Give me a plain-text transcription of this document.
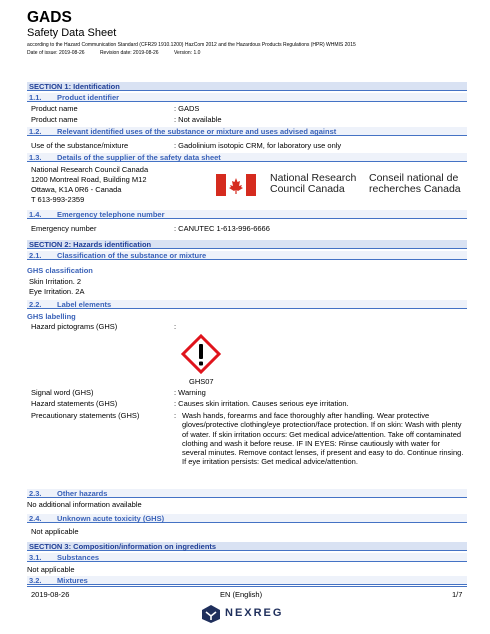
GADS
Safety Data Sheet
according to the Hazard Communication Standard (CFR29 1910.1200) HazCom 2012 and the Hazardous Products Regulations (HPR) WHMIS 2015
Date of issue: 2019-08-26	Revision date: 2019-08-26	Version: 1.0
SECTION 1: Identification
1.1. Product identifier
Product name	: GADS
Product name	: Not available
1.2. Relevant identified uses of the substance or mixture and uses advised against
Use of the substance/mixture	: Gadolinium isotopic CRM, for laboratory use only
1.3. Details of the supplier of the safety data sheet
National Research Council Canada
1200 Montreal Road, Building M12
Ottawa, K1A 0R6 - Canada
T 613-993-2359
National Research
Council Canada
Conseil national de
recherches Canada
1.4. Emergency telephone number
Emergency number	: CANUTEC 1-613-996-6666
SECTION 2: Hazards identification
2.1. Classification of the substance or mixture
GHS classification
Skin Irritation. 2
Eye Irritation. 2A
2.2. Label elements
GHS labelling
Hazard pictograms (GHS)	:
GHS07
Signal word (GHS)	: Warning
Hazard statements (GHS)	: Causes skin irritation. Causes serious eye irritation.
Precautionary statements (GHS)	: Wash hands, forearms and face thoroughly after handling. Wear protective gloves/protective clothing/eye protection/face protection. If on skin: Wash with plenty of water. If skin irritation occurs: Get medical advice/attention. Take off contaminated clothing and wash it before reuse. IF IN EYES: Rinse cautiously with water for several minutes. Remove contact lenses, if present and easy to do. Continue rinsing. If eye irritation persists: Get medical advice/attention.
2.3. Other hazards
No additional information available
2.4. Unknown acute toxicity (GHS)
Not applicable
SECTION 3: Composition/information on ingredients
3.1. Substances
Not applicable
3.2. Mixtures
2019-08-26	EN (English)	1/7
NEXREG
